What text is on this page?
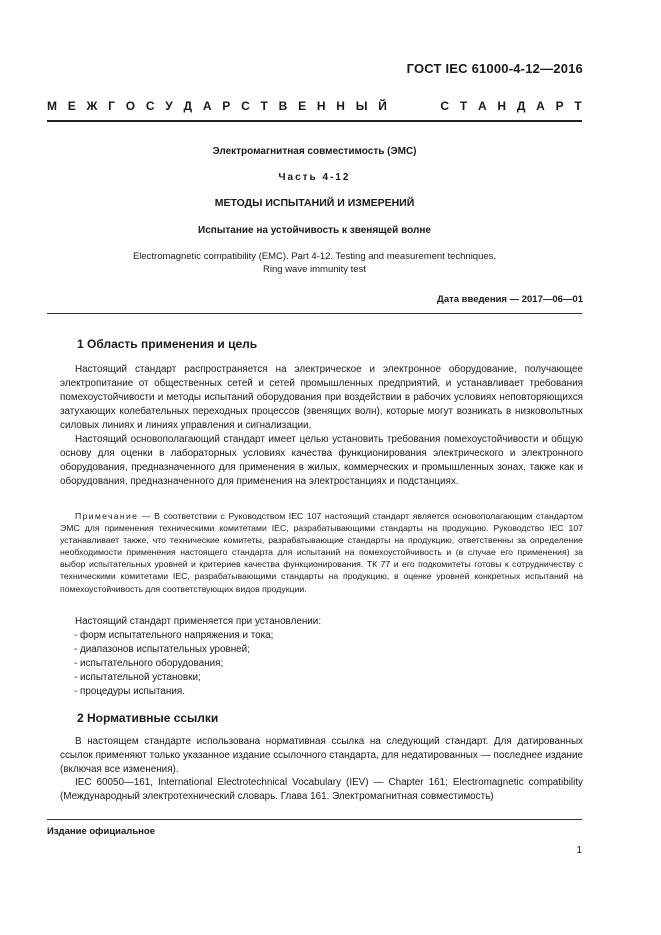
ГОСТ IEC 61000-4-12—2016
М Е Ж Г О С У Д А Р С Т В Е Н Н Ы Й	С Т А Н Д А Р Т
Электромагнитная совместимость (ЭМС)
Часть 4-12
МЕТОДЫ ИСПЫТАНИЙ И ИЗМЕРЕНИЙ
Испытание на устойчивость к звенящей волне
Electromagnetic compatibility (EMC). Part 4-12. Testing and measurement techniques.
Ring wave immunity test
Дата введения — 2017—06—01
1 Область применения и цель
Настоящий стандарт распространяется на электрическое и электронное оборудование, получающее электропитание от общественных сетей и сетей промышленных предприятий, и устанавливает требования помехоустойчивости и методы испытаний оборудования при воздействии в рабочих условиях неповторяющихся затухающих колебательных переходных процессов (звенящих волн), которые могут возникать в низковольтных силовых линиях и линиях управления и сигнализации.
Настоящий основополагающий стандарт имеет целью установить требования помехоустойчивости и общую основу для оценки в лабораторных условиях качества функционирования электрического и электронного оборудования, предназначенного для применения в жилых, коммерческих и промышленных зонах, также как и оборудования, предназначенного для применения на электростанциях и подстанциях.
Примечание — В соответствии с Руководством IEC 107 настоящий стандарт является основополагающим стандартом ЭМС для применения техническими комитетами IEC, разрабатывающими стандарты на продукцию. Руководство IEC 107 устанавливает также, что технические комитеты, разрабатывающие стандарты на продукцию, ответственны за определение необходимости применения настоящего стандарта для испытаний на помехоустойчивость и (в случае его применения) за выбор испытательных уровней и критериев качества функционирования. ТК 77 и его подкомитеты готовы к сотрудничеству с техническими комитетами IEC, разрабатывающими стандарты на продукцию, в оценке уровней конкретных испытаний на помехоустойчивость для соответствующих видов продукции.
Настоящий стандарт применяется при установлении:
- форм испытательного напряжения и тока;
- диапазонов испытательных уровней;
- испытательного оборудования;
- испытательной установки;
- процедуры испытания.
2 Нормативные ссылки
В настоящем стандарте использована нормативная ссылка на следующий стандарт. Для датированных ссылок применяют только указанное издание ссылочного стандарта, для недатированных — последнее издание (включая все изменения).
IEC 60050—161, International Electrotechnical Vocabulary (IEV) — Chapter 161: Electromagnetic compatibility (Международный электротехнический словарь. Глава 161. Электромагнитная совместимость)
Издание официальное
1
